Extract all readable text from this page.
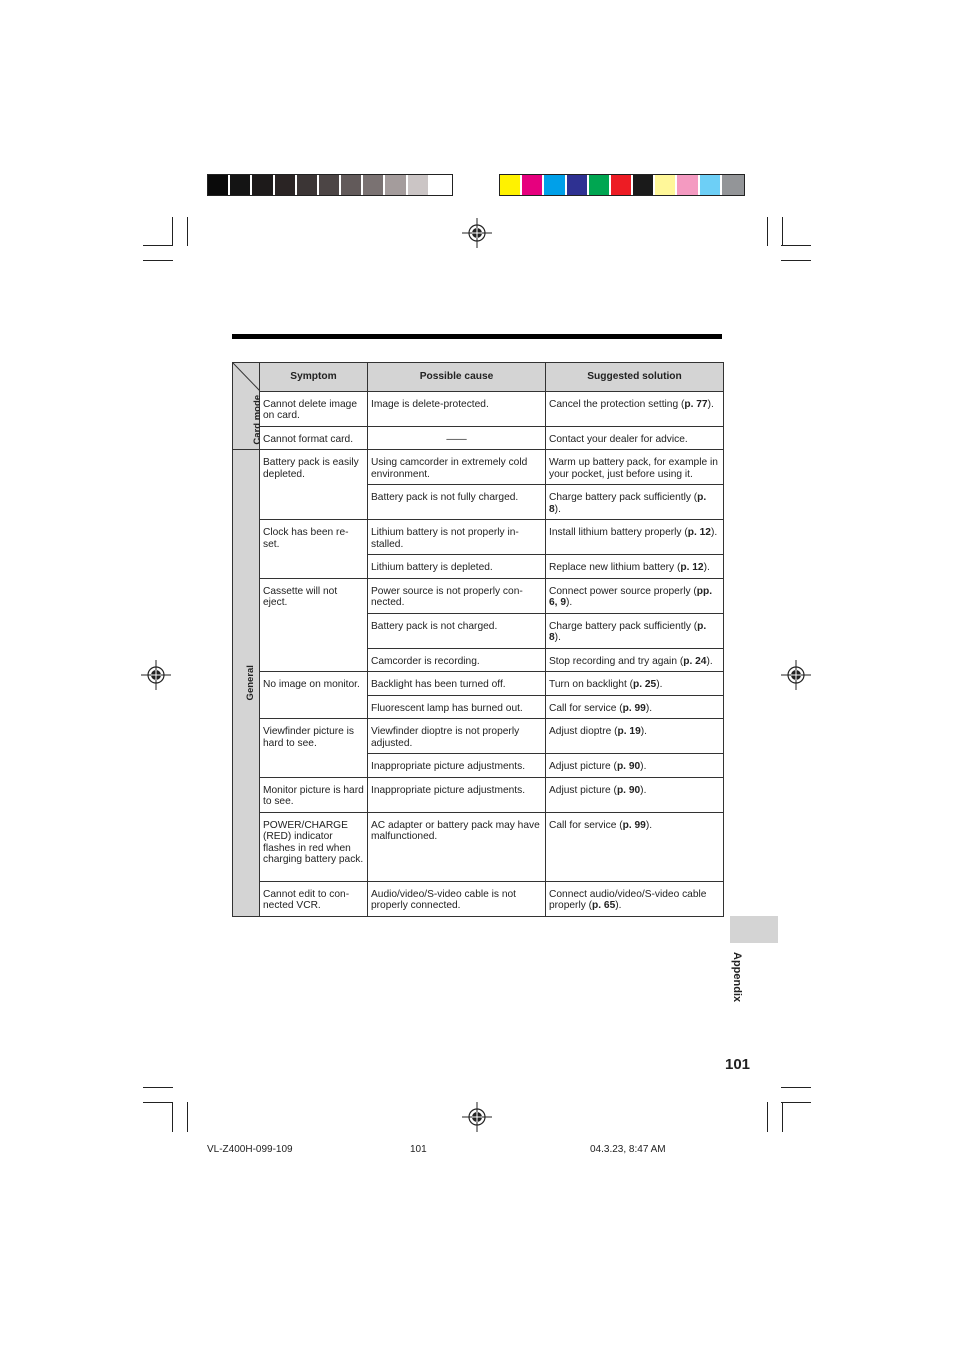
	Symptom	Possible cause	Suggested solution
Card mode	Cannot delete image on card.	Image is delete-protected.	Cancel the protection setting (p. 77).
	Cannot format card.	——	Contact your dealer for advice.
General	Battery pack is easily depleted.	Using camcorder in extremely cold environment.	Warm up battery pack, for example in your pocket, just before using it.
		Battery pack is not fully charged.	Charge battery pack sufficiently (p. 8).
	Clock has been re-set.	Lithium battery is not properly in-stalled.	Install lithium battery properly (p. 12).
		Lithium battery is depleted.	Replace new lithium battery (p. 12).
	Cassette will not eject.	Power source is not properly con-nected.	Connect power source properly (pp. 6, 9).
		Battery pack is not charged.	Charge battery pack sufficiently (p. 8).
		Camcorder is recording.	Stop recording and try again (p. 24).
	No image on monitor.	Backlight has been turned off.	Turn on backlight (p. 25).
		Fluorescent lamp has burned out.	Call for service (p. 99).
	Viewfinder picture is hard to see.	Viewfinder dioptre is not properly adjusted.	Adjust dioptre (p. 19).
		Inappropriate picture adjustments.	Adjust picture (p. 90).
	Monitor picture is hard to see.	Inappropriate picture adjustments.	Adjust picture (p. 90).
	POWER/CHARGE (RED) indicator flashes in red when charging battery pack.	AC adapter or battery pack may have malfunctioned.	Call for service (p. 99).
	Cannot edit to con-nected VCR.	Audio/video/S-video cable is not properly connected.	Connect audio/video/S-video cable properly (p. 65).
Appendix
101
VL-Z400H-099-109	101	04.3.23, 8:47 AM
